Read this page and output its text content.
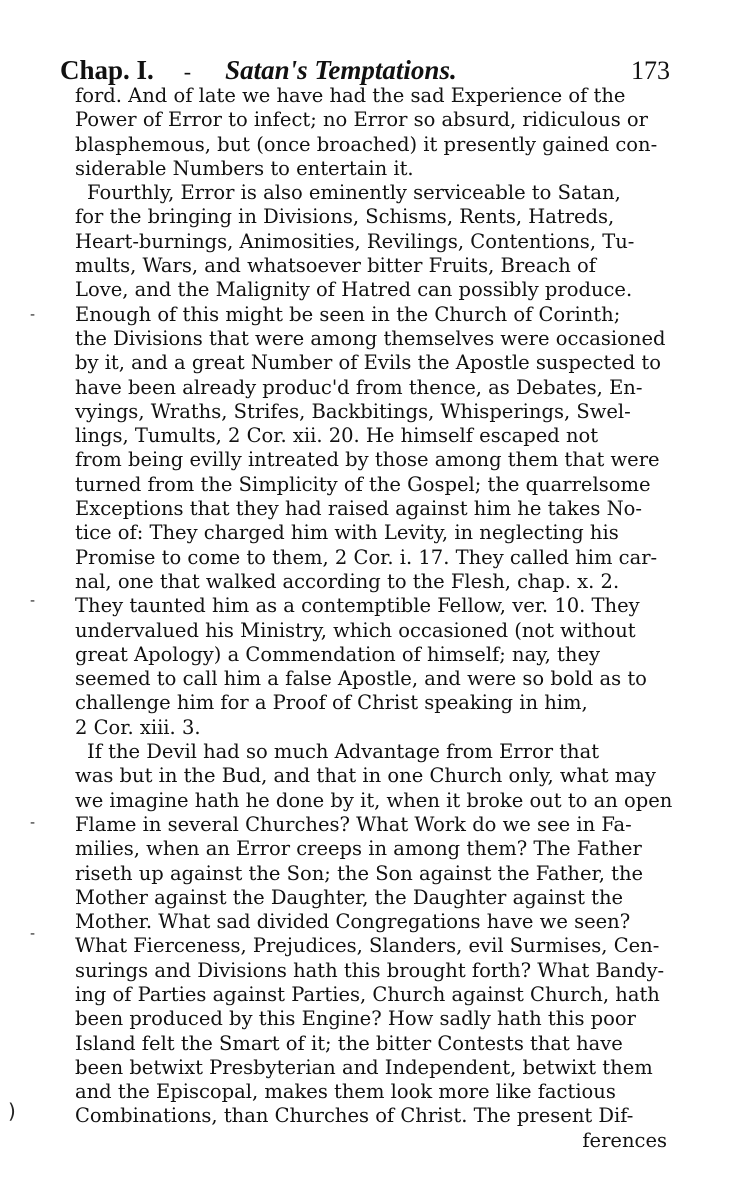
Chap. I. - Satan's Temptations.	173
ford. And of late we have had the sad Experience of the
Power of Error to infect; no Error so absurd, ridiculous or
blasphemous, but (once broached) it presently gained con-
siderable Numbers to entertain it.
Fourthly, Error is also eminently serviceable to Satan,
for the bringing in Divisions, Schisms, Rents, Hatreds,
Heart-burnings, Animosities, Revilings, Contentions, Tu-
mults, Wars, and whatsoever bitter Fruits, Breach of
Love, and the Malignity of Hatred can possibly produce.
Enough of this might be seen in the Church of Corinth;
the Divisions that were among themselves were occasioned
by it, and a great Number of Evils the Apostle suspected to
have been already produc'd from thence, as Debates, En-
vyings, Wraths, Strifes, Backbitings, Whisperings, Swel-
lings, Tumults, 2 Cor. xii. 20. He himself escaped not
from being evilly intreated by those among them that were
turned from the Simplicity of the Gospel; the quarrelsome
Exceptions that they had raised against him he takes No-
tice of: They charged him with Levity, in neglecting his
Promise to come to them, 2 Cor. i. 17. They called him car-
nal, one that walked according to the Flesh, chap. x. 2.
They taunted him as a contemptible Fellow, ver. 10. They
undervalued his Ministry, which occasioned (not without
great Apology) a Commendation of himself; nay, they
seemed to call him a false Apostle, and were so bold as to
challenge him for a Proof of Christ speaking in him,
2 Cor. xiii. 3.
If the Devil had so much Advantage from Error that
was but in the Bud, and that in one Church only, what may
we imagine hath he done by it, when it broke out to an open
Flame in several Churches? What Work do we see in Fa-
milies, when an Error creeps in among them? The Father
riseth up against the Son; the Son against the Father, the
Mother against the Daughter, the Daughter against the
Mother. What sad divided Congregations have we seen?
What Fierceness, Prejudices, Slanders, evil Surmises, Cen-
surings and Divisions hath this brought forth? What Bandy-
ing of Parties against Parties, Church against Church, hath
been produced by this Engine? How sadly hath this poor
Island felt the Smart of it; the bitter Contests that have
been betwixt Presbyterian and Independent, betwixt them
and the Episcopal, makes them look more like factious
Combinations, than Churches of Christ. The present Dif-
ferences
-
-
-
-
)
